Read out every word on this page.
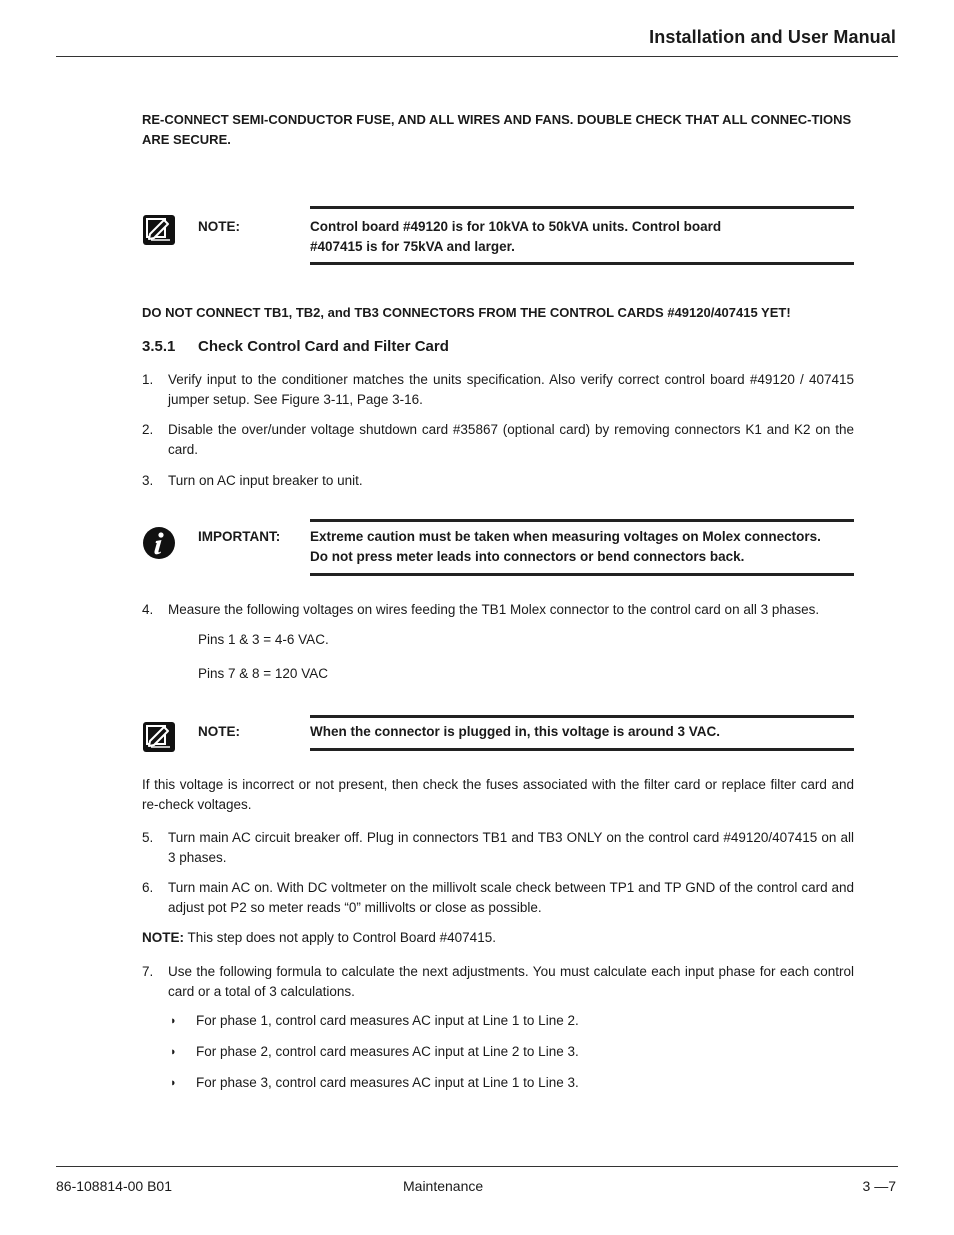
Installation and User Manual
RE-CONNECT SEMI-CONDUCTOR FUSE, AND ALL WIRES AND FANS. DOUBLE CHECK THAT ALL CONNEC-TIONS ARE SECURE.
NOTE:	Control board #49120 is for 10kVA to 50kVA units. Control board
#407415 is for 75kVA and larger.
DO NOT CONNECT TB1, TB2, and TB3 CONNECTORS FROM THE CONTROL CARDS #49120/407415 YET!
3.5.1 Check Control Card and Filter Card
1. Verify input to the conditioner matches the units specification. Also verify correct control board #49120 / 407415 jumper setup. See Figure 3-11, Page 3-16.
2. Disable the over/under voltage shutdown card #35867 (optional card) by removing connectors K1 and K2 on the card.
3. Turn on AC input breaker to unit.
IMPORTANT: Extreme caution must be taken when measuring voltages on Molex connectors.
Do not press meter leads into connectors or bend connectors back.
4. Measure the following voltages on wires feeding the TB1 Molex connector to the control card on all 3 phases.
Pins 1 & 3 = 4-6 VAC.
Pins 7 & 8 = 120 VAC
NOTE:	When the connector is plugged in, this voltage is around 3 VAC.
If this voltage is incorrect or not present, then check the fuses associated with the filter card or replace filter card and re-check voltages.
5. Turn main AC circuit breaker off. Plug in connectors TB1 and TB3 ONLY on the control card #49120/407415 on all 3 phases.
6. Turn main AC on. With DC voltmeter on the millivolt scale check between TP1 and TP GND of the control card and adjust pot P2 so meter reads “0” millivolts or close as possible.
NOTE: This step does not apply to Control Board #407415.
7. Use the following formula to calculate the next adjustments. You must calculate each input phase for each control card or a total of 3 calculations.
◗ For phase 1, control card measures AC input at Line 1 to Line 2.
◗ For phase 2, control card measures AC input at Line 2 to Line 3.
◗ For phase 3, control card measures AC input at Line 1 to Line 3.
86-108814-00 B01	Maintenance	3 —7
